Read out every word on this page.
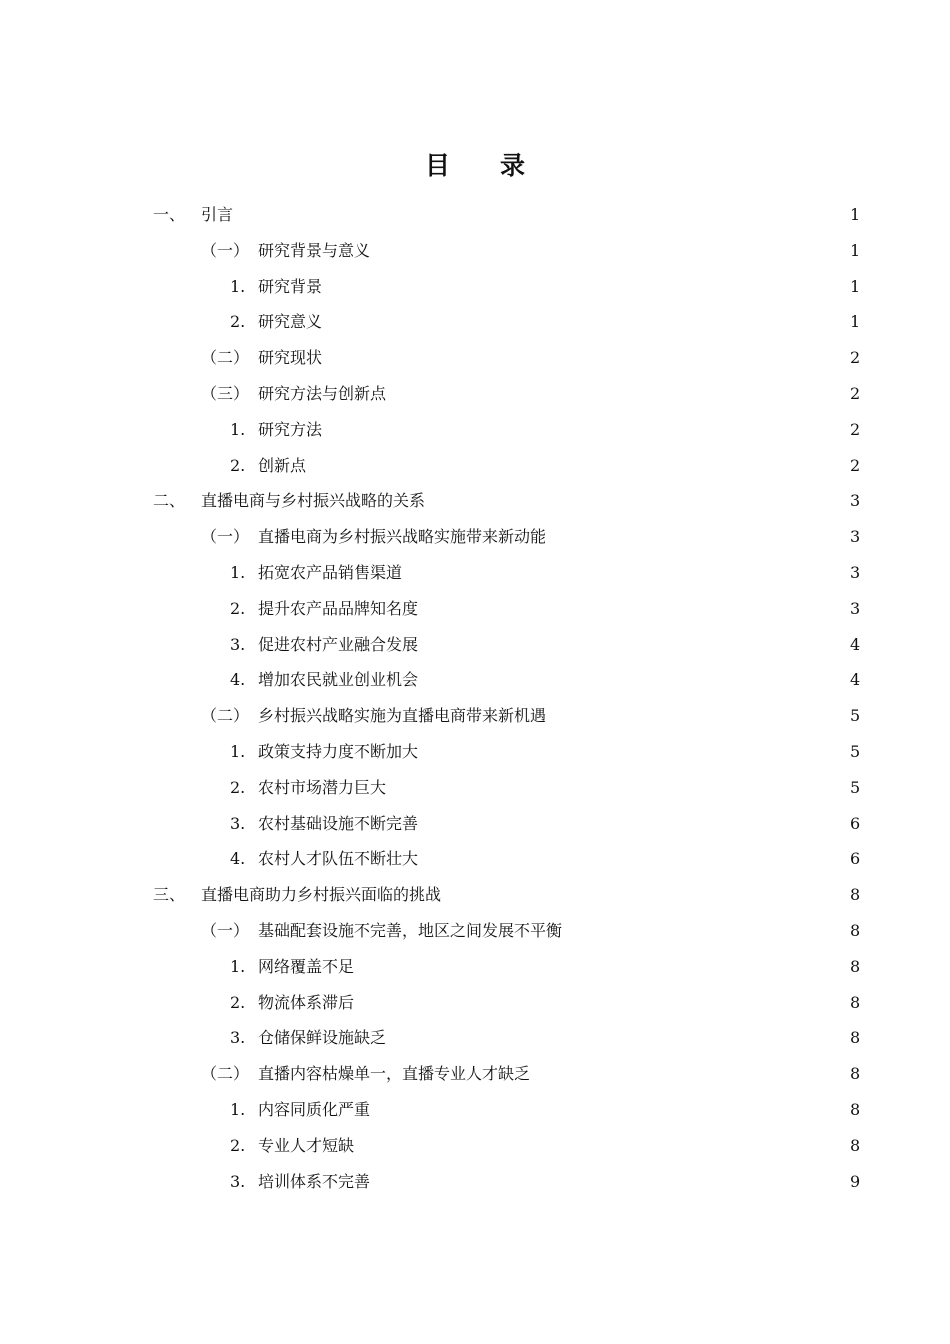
目 录
一、 引言	1
（一） 研究背景与意义	1
1. 研究背景	1
2. 研究意义	1
（二） 研究现状	2
（三） 研究方法与创新点	2
1. 研究方法	2
2. 创新点	2
二、 直播电商与乡村振兴战略的关系	3
（一） 直播电商为乡村振兴战略实施带来新动能	3
1. 拓宽农产品销售渠道	3
2. 提升农产品品牌知名度	3
3. 促进农村产业融合发展	4
4. 增加农民就业创业机会	4
（二） 乡村振兴战略实施为直播电商带来新机遇	5
1. 政策支持力度不断加大	5
2. 农村市场潜力巨大	5
3. 农村基础设施不断完善	6
4. 农村人才队伍不断壮大	6
三、 直播电商助力乡村振兴面临的挑战	8
（一） 基础配套设施不完善，地区之间发展不平衡	8
1. 网络覆盖不足	8
2. 物流体系滞后	8
3. 仓储保鲜设施缺乏	8
（二） 直播内容枯燥单一，直播专业人才缺乏	8
1. 内容同质化严重	8
2. 专业人才短缺	8
3. 培训体系不完善	9
